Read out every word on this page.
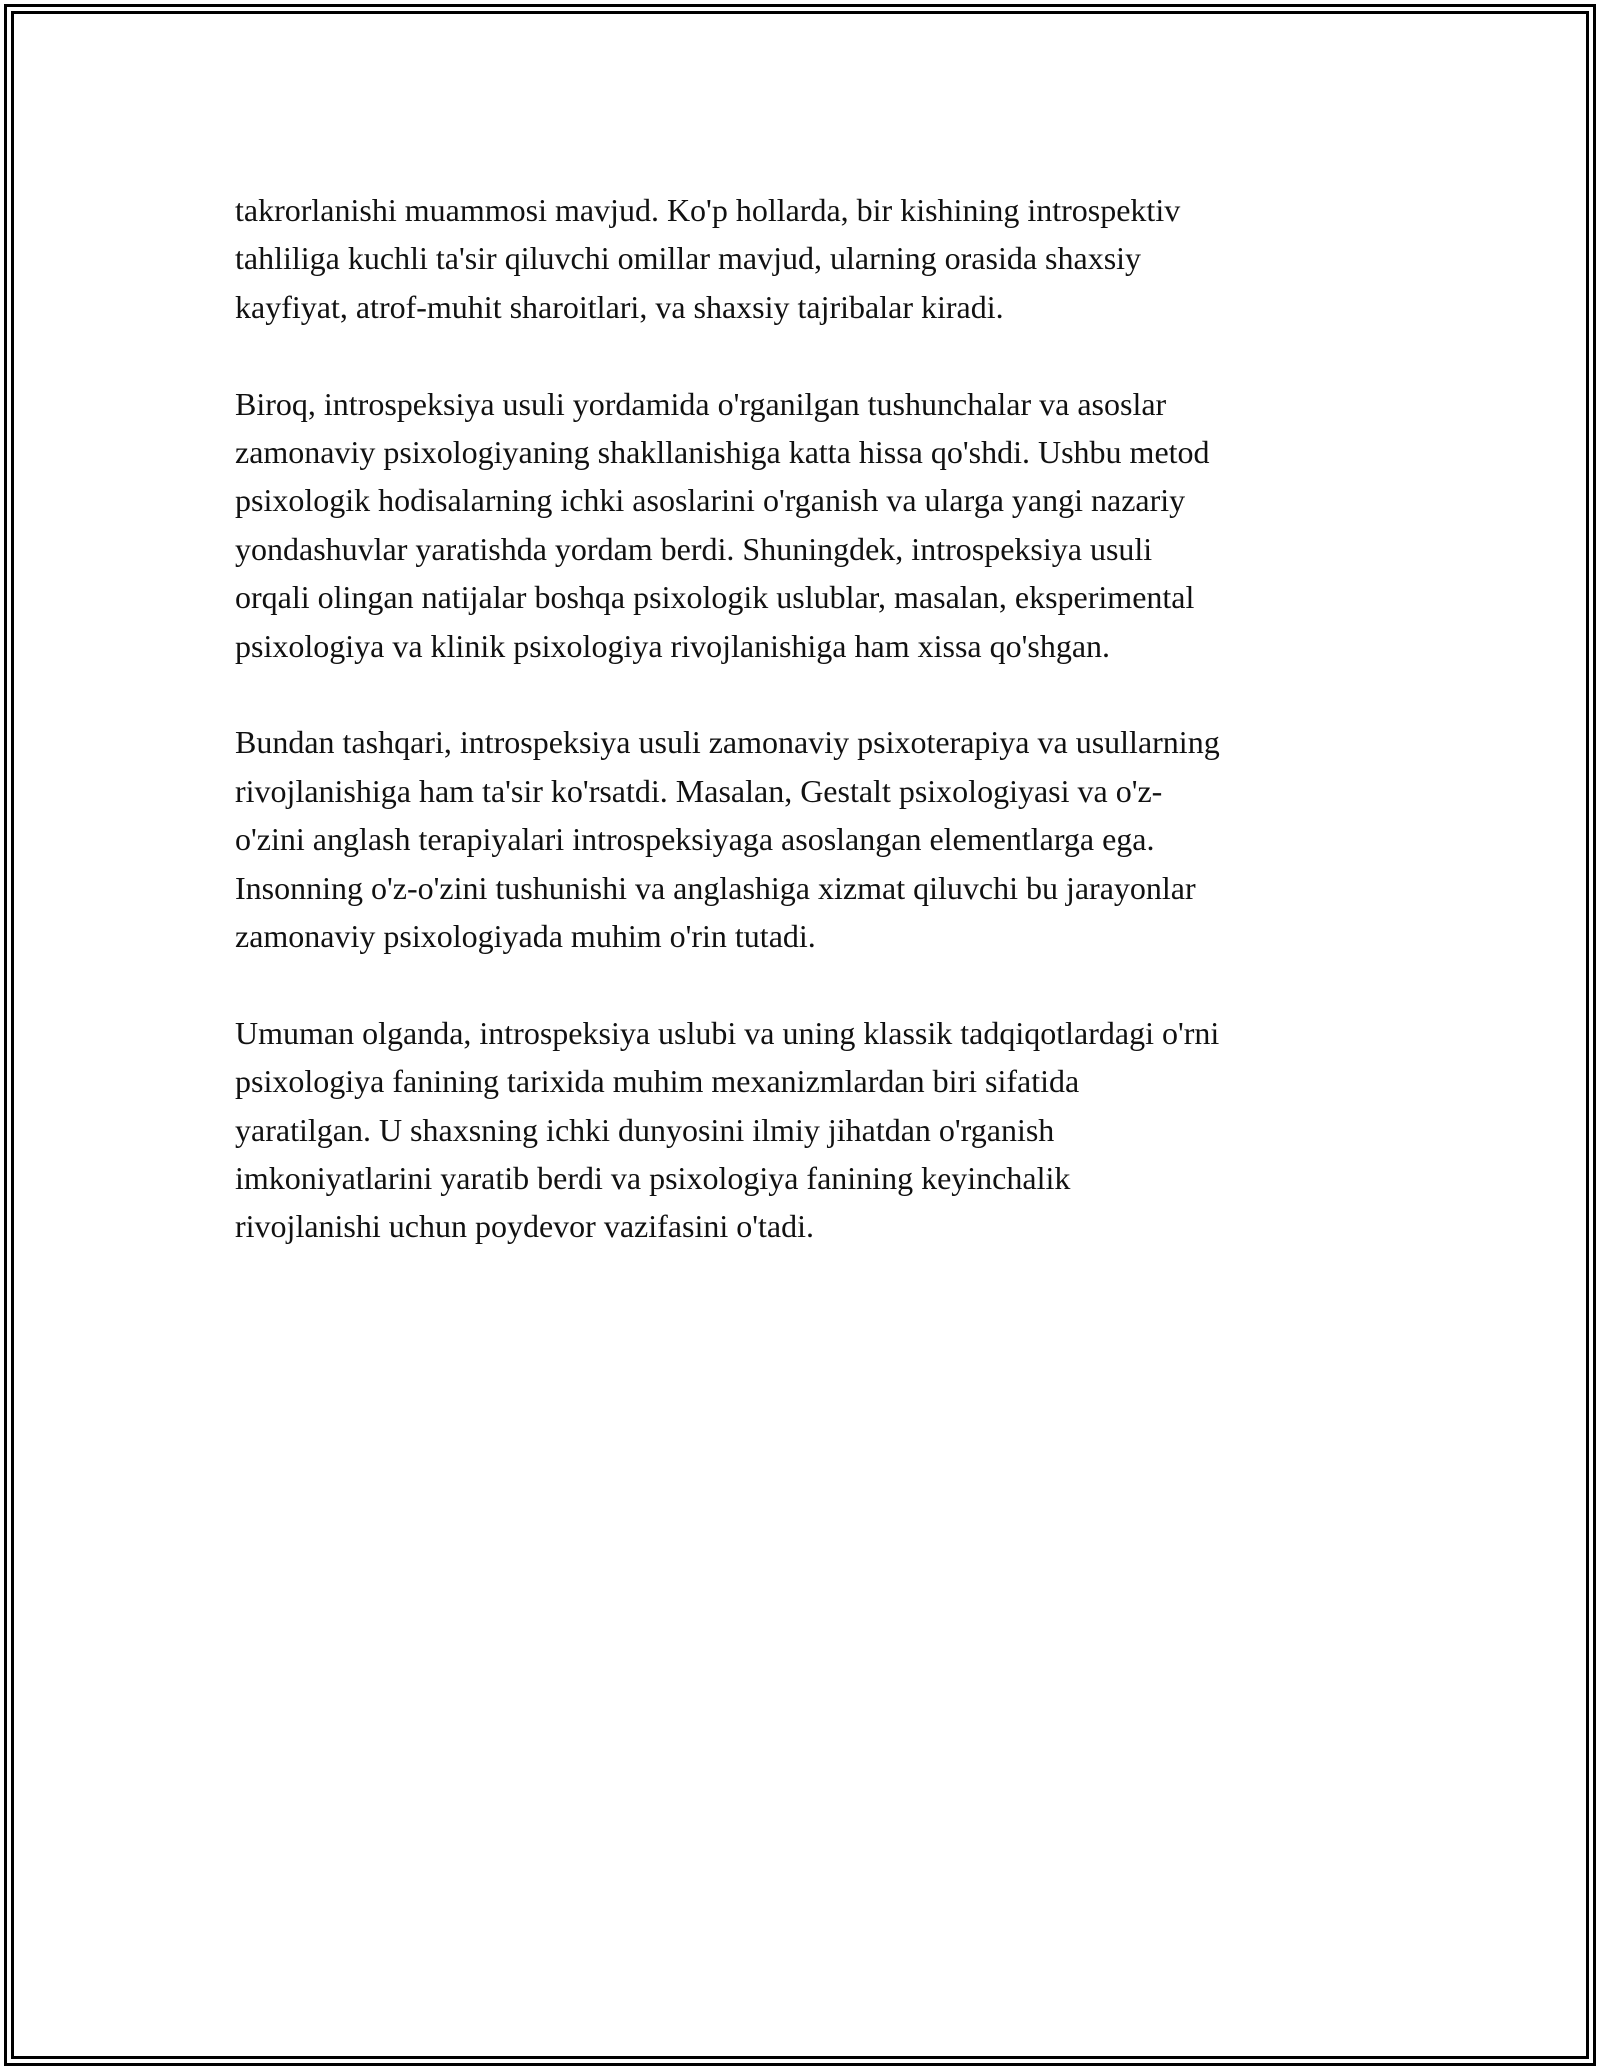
takrorlanishi muammosi mavjud. Ko'p hollarda, bir kishining introspektiv
tahliliga kuchli ta'sir qiluvchi omillar mavjud, ularning orasida shaxsiy
kayfiyat, atrof-muhit sharoitlari, va shaxsiy tajribalar kiradi.

Biroq, introspeksiya usuli yordamida o'rganilgan tushunchalar va asoslar
zamonaviy psixologiyaning shakllanishiga katta hissa qo'shdi. Ushbu metod
psixologik hodisalarning ichki asoslarini o'rganish va ularga yangi nazariy
yondashuvlar yaratishda yordam berdi. Shuningdek, introspeksiya usuli
orqali olingan natijalar boshqa psixologik uslublar, masalan, eksperimental
psixologiya va klinik psixologiya rivojlanishiga ham xissa qo'shgan.

Bundan tashqari, introspeksiya usuli zamonaviy psixoterapiya va usullarning
rivojlanishiga ham ta'sir ko'rsatdi. Masalan, Gestalt psixologiyasi va o'z-
o'zini anglash terapiyalari introspeksiyaga asoslangan elementlarga ega.
Insonning o'z-o'zini tushunishi va anglashiga xizmat qiluvchi bu jarayonlar
zamonaviy psixologiyada muhim o'rin tutadi.

Umuman olganda, introspeksiya uslubi va uning klassik tadqiqotlardagi o'rni
psixologiya fanining tarixida muhim mexanizmlardan biri sifatida
yaratilgan. U shaxsning ichki dunyosini ilmiy jihatdan o'rganish
imkoniyatlarini yaratib berdi va psixologiya fanining keyinchalik
rivojlanishi uchun poydevor vazifasini o'tadi.
